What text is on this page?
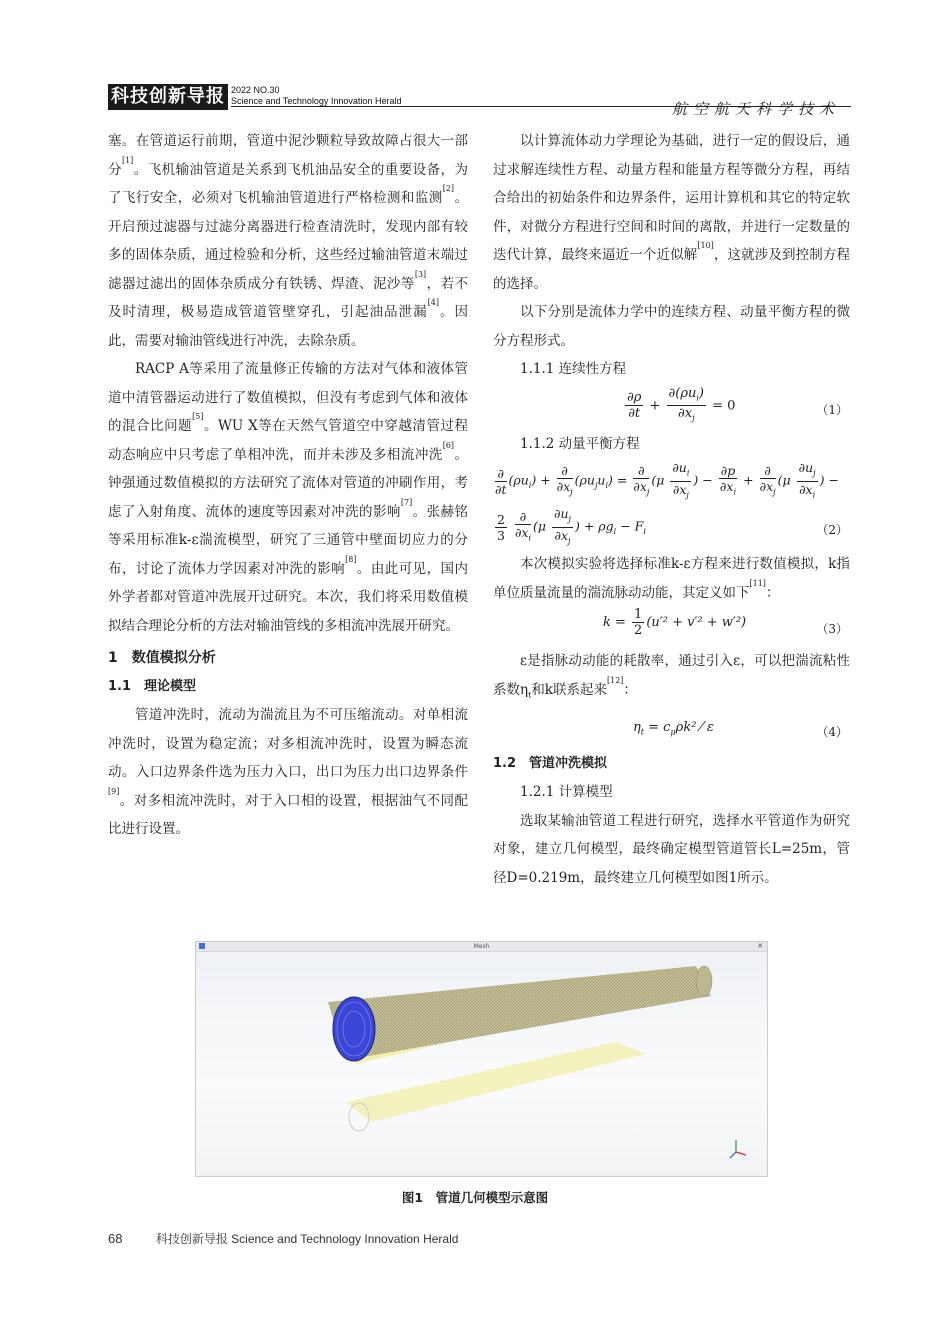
科技创新导报 2022 NO.30
Science and Technology Innovation Herald	航空航天科学技术

塞。在管道运行前期，管道中泥沙颗粒导致故障占很大一部分[1]。飞机输油管道是关系到飞机油品安全的重要设备，为了飞行安全，必须对飞机输油管道进行严格检测和监测[2]。开启预过滤器与过滤分离器进行检查清洗时，发现内部有较多的固体杂质，通过检验和分析，这些经过输油管道末端过滤器过滤出的固体杂质成分有铁锈、焊渣、泥沙等[3]，若不及时清理，极易造成管道管壁穿孔，引起油品泄漏[4]。因此，需要对输油管线进行冲洗，去除杂质。

RACP A等采用了流量修正传输的方法对气体和液体管道中清管器运动进行了数值模拟，但没有考虑到气体和液体的混合比问题[5]。WU X等在天然气管道空中穿越清管过程动态响应中只考虑了单相冲洗，而并未涉及多相流冲洗[6]。钟强通过数值模拟的方法研究了流体对管道的冲刷作用，考虑了入射角度、流体的速度等因素对冲洗的影响[7]。张赫铭等采用标准k-ε湍流模型，研究了三通管中壁面切应力的分布，讨论了流体力学因素对冲洗的影响[8]。由此可见，国内外学者都对管道冲洗展开过研究。本次，我们将采用数值模拟结合理论分析的方法对输油管线的多相流冲洗展开研究。

1　数值模拟分析
1.1　理论模型

管道冲洗时，流动为湍流且为不可压缩流动。对单相流冲洗时，设置为稳定流；对多相流冲洗时，设置为瞬态流动。入口边界条件选为压力入口，出口为压力出口边界条件[9]。对多相流冲洗时，对于入口相的设置，根据油气不同配比进行设置。

以计算流体动力学理论为基础，进行一定的假设后，通过求解连续性方程、动量方程和能量方程等微分方程，再结合给出的初始条件和边界条件，运用计算机和其它的特定软件，对微分方程进行空间和时间的离散，并进行一定数量的迭代计算，最终来逼近一个近似解[10]，这就涉及到控制方程的选择。

以下分别是流体力学中的连续方程、动量平衡方程的微分方程形式。

1.1.1 连续性方程

$\frac{\partial\rho}{\partial t} + \frac{\partial(\rho u_i)}{\partial x_j} = 0$	（1）

1.1.2 动量平衡方程

$\frac{\partial}{\partial t} (\rho u_i) + \frac{\partial}{\partial x_j} (\rho u_ju_i) = \frac{\partial}{\partial x_j} (\mu \frac{\partial u_i}{\partial x_j}$ ) − $\frac{\partial p}{\partial x_i} + \frac{\partial}{\partial x_j} (\mu \frac{\partial u_j}{\partial x_i}$ ) −
$\frac{2}{3}$
$\frac{\partial}{\partial x_i} (\mu \frac{\partial u_j}{\partial x_j}$ ) + $\rho g_i - F_i$	（2）

本次模拟实验将选择标准k-ε方程来进行数值模拟，k指单位质量流量的湍流脉动动能，其定义如下[11]：

$k = \frac{1}{2} (u'^2 + v'^2 + w'^2)$	（3）

ε是指脉动动能的耗散率，通过引入ε，可以把湍流粘性系数$\eta_t$和k联系起来[12]：

$\eta_t = c_\mu\rho k^2$ ⁄ ε	（4）
1.2　管道冲洗模拟

1.2.1 计算模型

选取某输油管道工程进行研究，选择水平管道作为研究对象，建立几何模型，最终确定模型管道管长L=25m，管径D=0.219m，最终建立几何模型如图1所示。

Mesh	✕
图1　管道几何模型示意图
68	科技创新导报 Science and Technology Innovation Herald
